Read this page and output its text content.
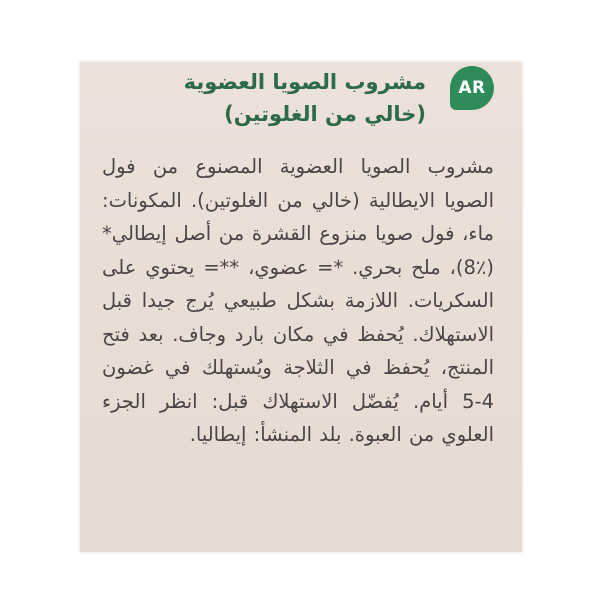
AR
مشروب الصويا العضوية
(خالي من الغلوتين)
مشروب الصويا العضوية المصنوع من فول الصويا الايطالية (خالي من الغلوتين). المكونات: ماء، فول صويا منزوع القشرة من أصل إيطالي* (٪8)، ملح بحري. *= عضوي، **= يحتوي على السكريات. اللازمة بشكل طبيعي يُرج جيدا قبل الاستهلاك. يُحفظ في مكان بارد وجاف. بعد فتح المنتج، يُحفظ في الثلاجة ويُستهلك في غضون 4-5 أيام. يُفضّل الاستهلاك قبل: انظر الجزء العلوي من العبوة. بلد المنشأ: إيطاليا.
